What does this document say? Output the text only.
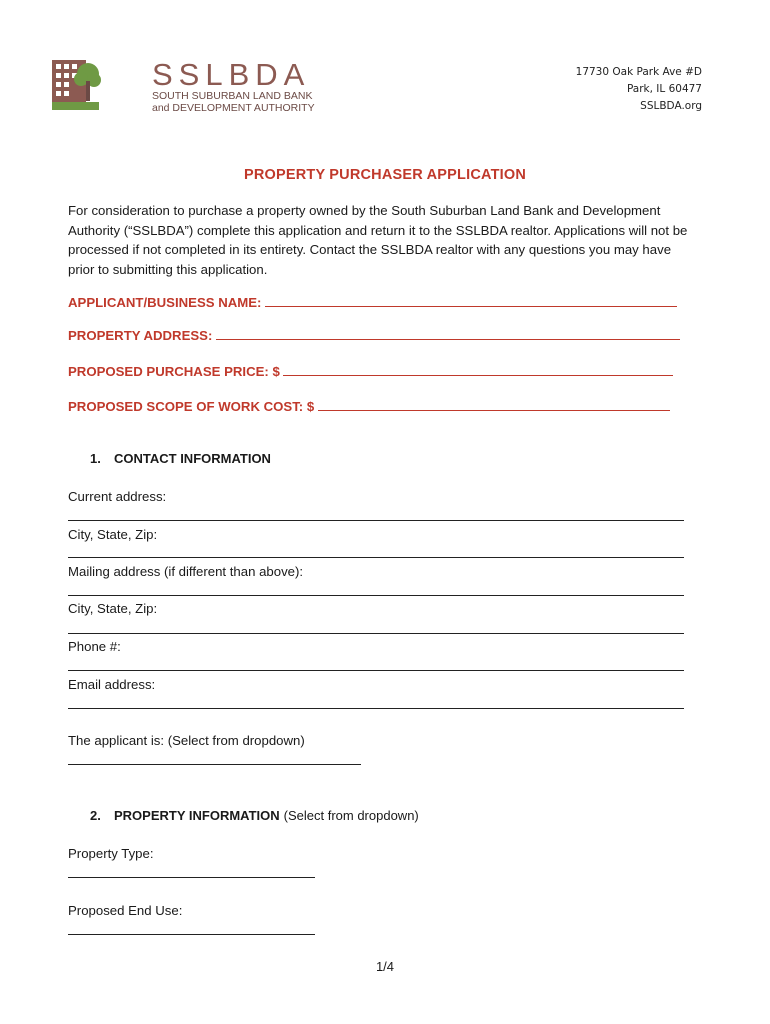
SSLBDA
SOUTH SUBURBAN LAND BANK
and DEVELOPMENT AUTHORITY
17730 Oak Park Ave #D
Park, IL 60477
SSLBDA.org
PROPERTY PURCHASER APPLICATION
For consideration to purchase a property owned by the South Suburban Land Bank and Development Authority (“SSLBDA”) complete this application and return it to the SSLBDA realtor. Applications will not be processed if not completed in its entirety. Contact the SSLBDA realtor with any questions you may have prior to submitting this application.
APPLICANT/BUSINESS NAME:
PROPERTY ADDRESS:
PROPOSED PURCHASE PRICE: $
PROPOSED SCOPE OF WORK COST: $
1. CONTACT INFORMATION
Current address:
City, State, Zip:
Mailing address (if different than above):
City, State, Zip:
Phone #:
Email address:
The applicant is: (Select from dropdown)
2. PROPERTY INFORMATION (Select from dropdown)
Property Type:
Proposed End Use:
1/4
